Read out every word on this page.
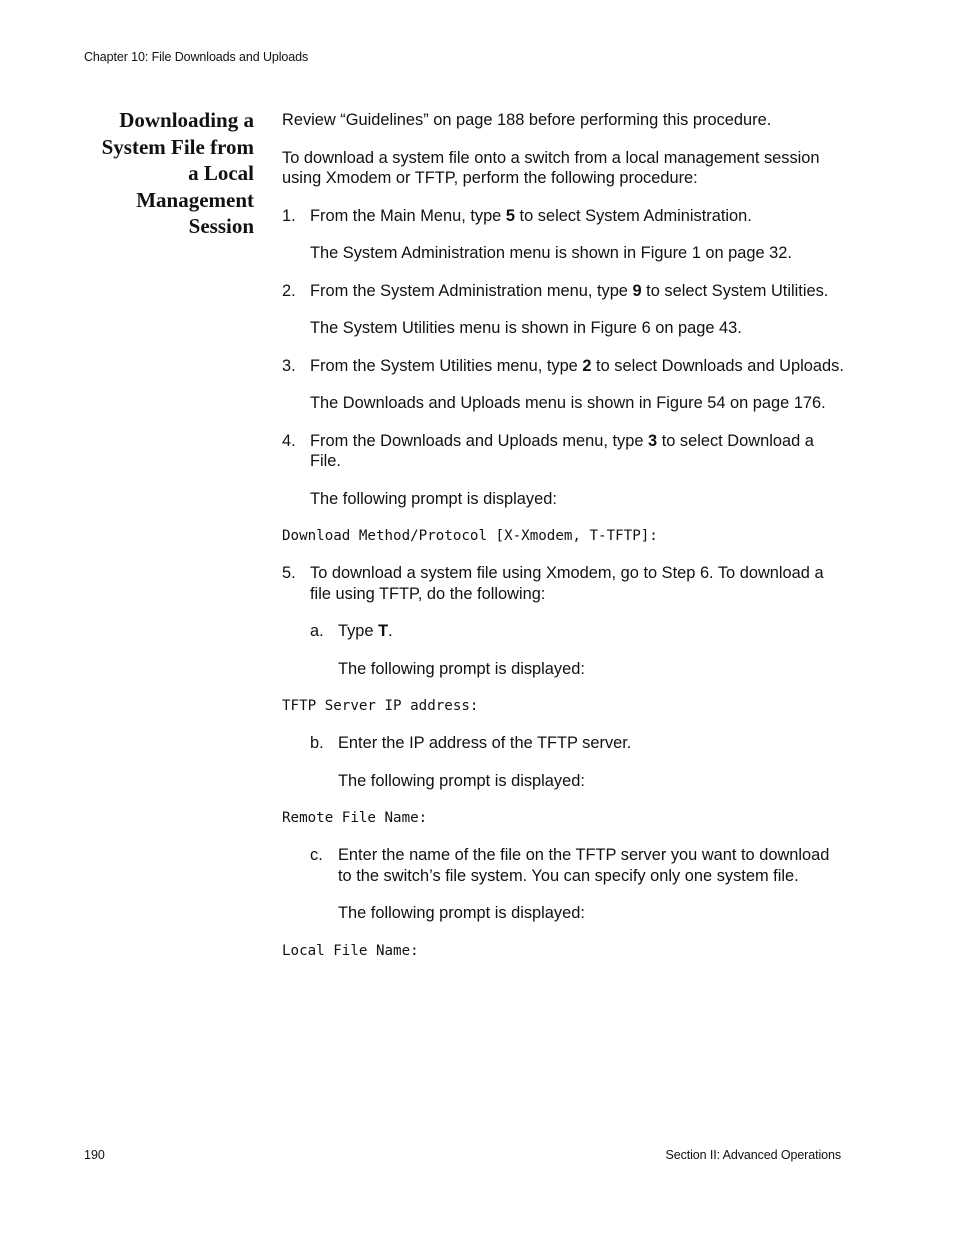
Chapter 10: File Downloads and Uploads
Downloading a
System File from
a Local
Management
Session

Review “Guidelines” on page 188 before performing this procedure.

To download a system file onto a switch from a local management session using Xmodem or TFTP, perform the following procedure:

1. From the Main Menu, type 5 to select System Administration.

The System Administration menu is shown in Figure 1 on page 32.

2. From the System Administration menu, type 9 to select System Utilities.

The System Utilities menu is shown in Figure 6 on page 43.

3. From the System Utilities menu, type 2 to select Downloads and Uploads.

The Downloads and Uploads menu is shown in Figure 54 on page 176.

4. From the Downloads and Uploads menu, type 3 to select Download a File.

The following prompt is displayed:

Download Method/Protocol [X-Xmodem, T-TFTP]:
5. To download a system file using Xmodem, go to Step 6. To download a file using TFTP, do the following:
a. Type T.

The following prompt is displayed:

TFTP Server IP address:
b. Enter the IP address of the TFTP server.

The following prompt is displayed:

Remote File Name:
c. Enter the name of the file on the TFTP server you want to download to the switch’s file system. You can specify only one system file.

The following prompt is displayed:

Local File Name:
190	Section II: Advanced Operations
